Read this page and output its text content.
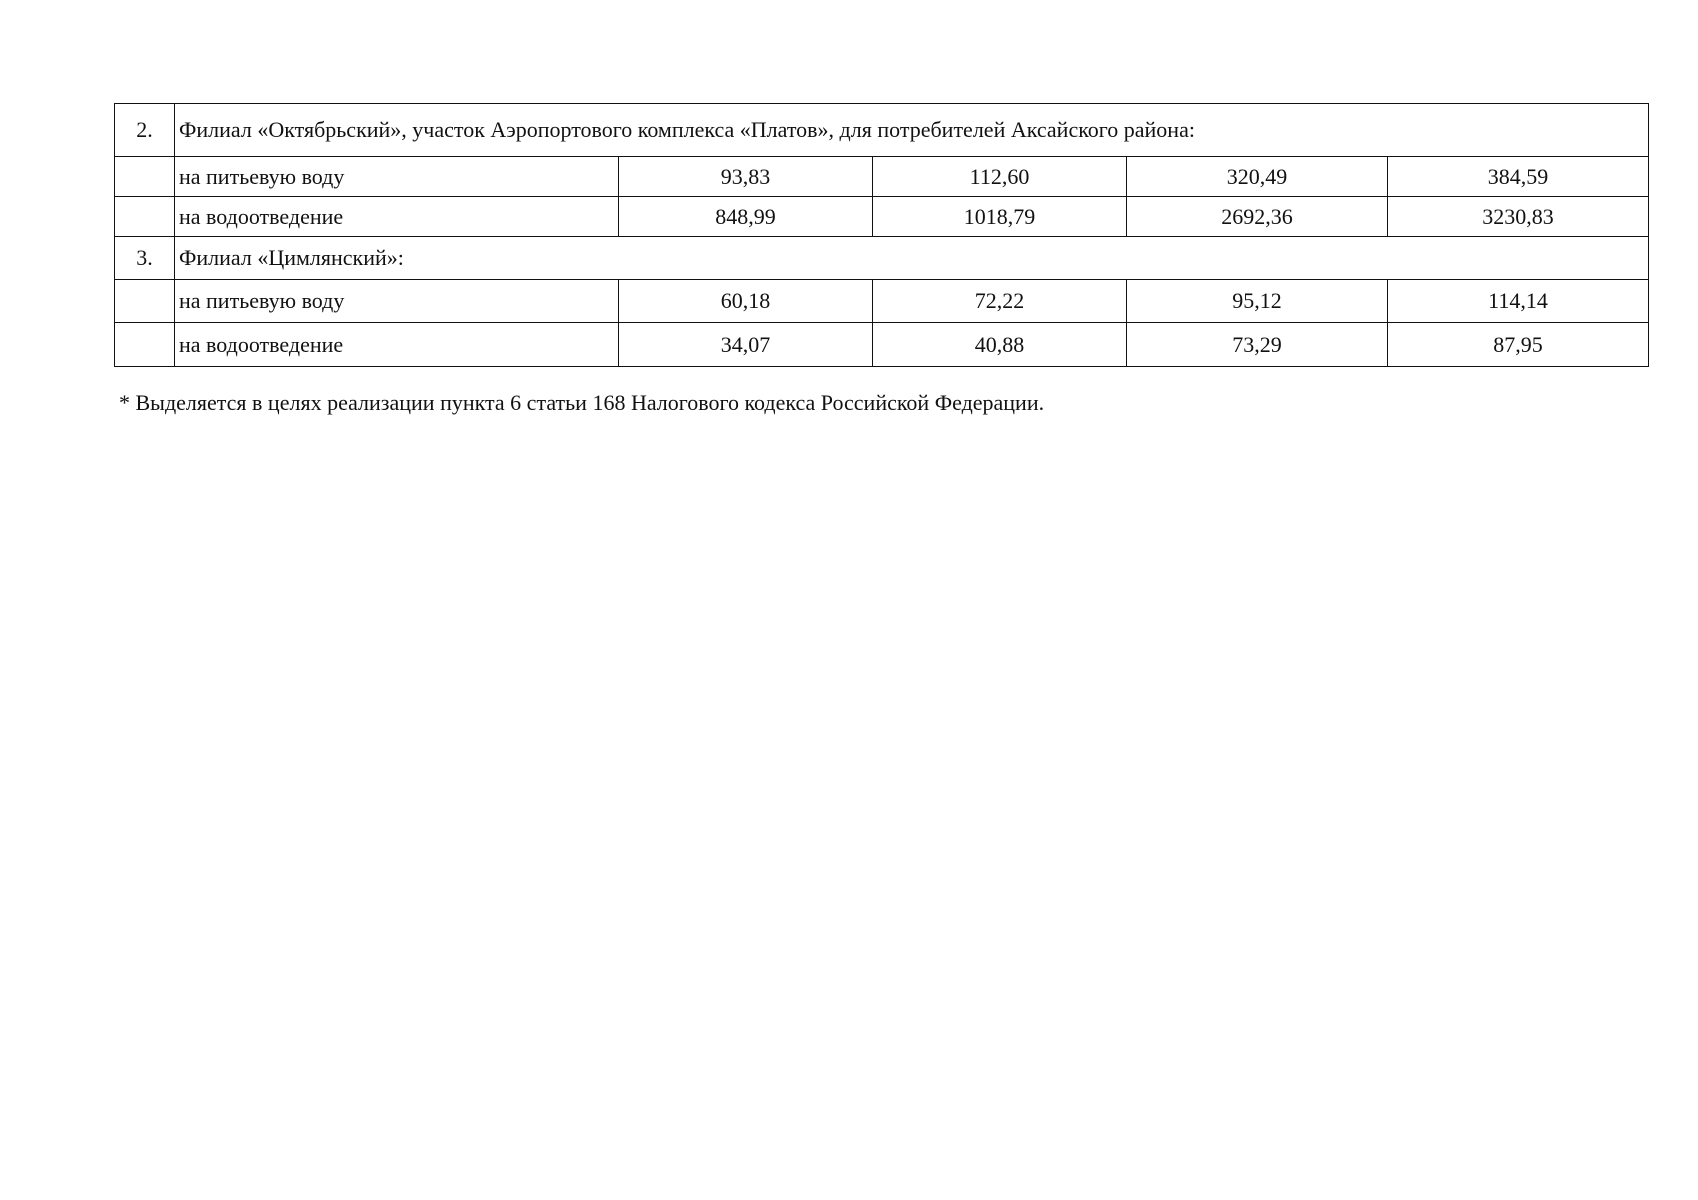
2.	Филиал «Октябрьский», участок Аэропортового комплекса «Платов», для потребителей Аксайского района:				
	на питьевую воду	93,83	112,60	320,49	384,59
	на водоотведение	848,99	1018,79	2692,36	3230,83
3.	Филиал «Цимлянский»:				
	на питьевую воду	60,18	72,22	95,12	114,14
	на водоотведение	34,07	40,88	73,29	87,95
* Выделяется в целях реализации пункта 6 статьи 168 Налогового кодекса Российской Федерации.
